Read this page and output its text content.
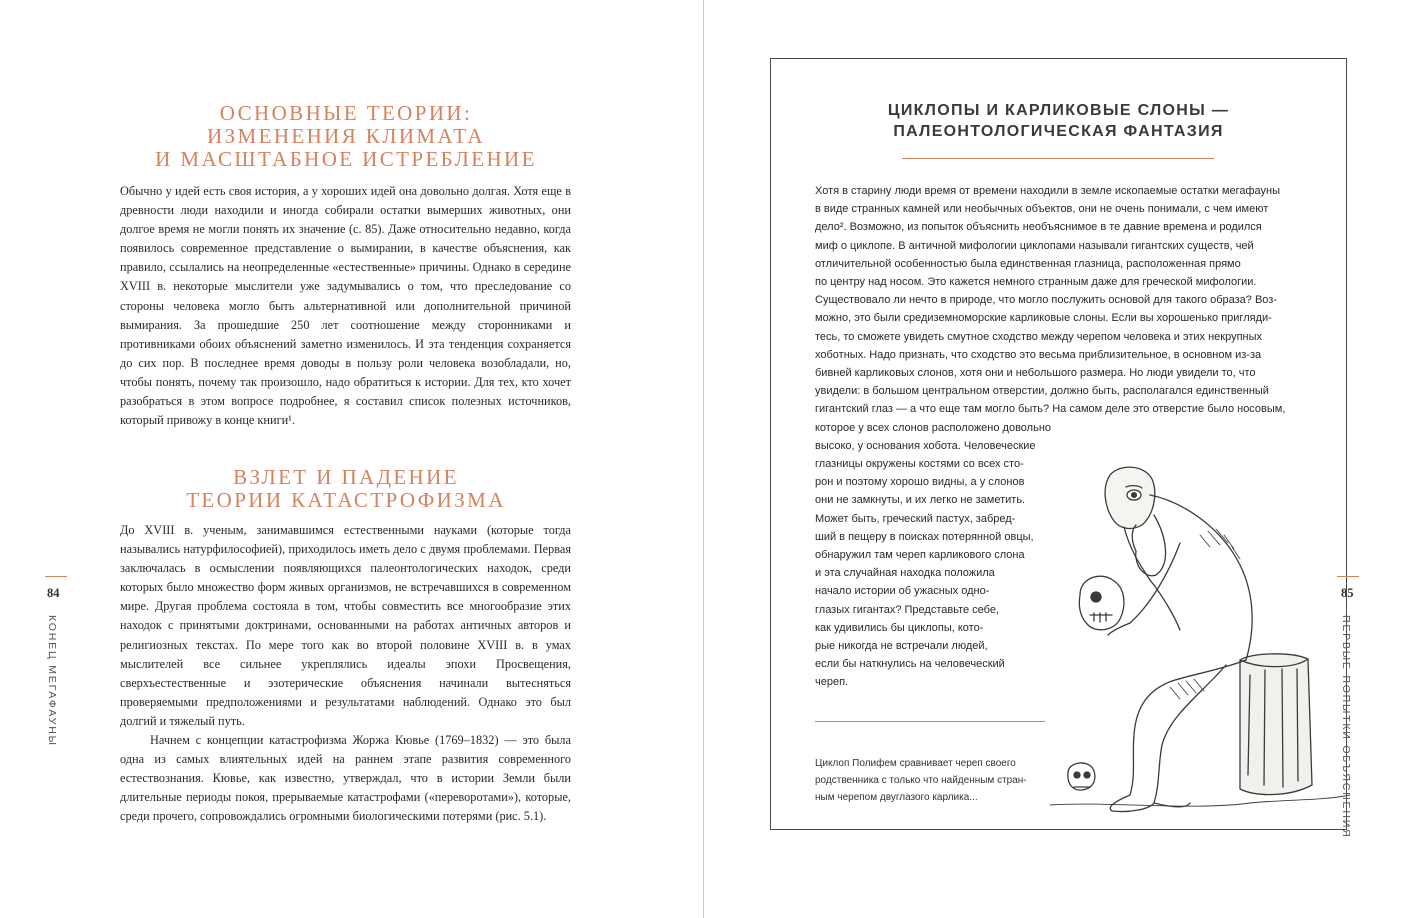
ОСНОВНЫЕ ТЕОРИИ:
ИЗМЕНЕНИЯ КЛИМАТА
И МАСШТАБНОЕ ИСТРЕБЛЕНИЕ

Обычно у идей есть своя история, а у хороших идей она довольно долгая. Хотя еще в древности люди находили и иногда собирали остатки вымерших животных, они долгое время не могли понять их значение (с. 85). Даже относительно недавно, когда появилось современное представление о вымирании, в качестве объяснения, как правило, ссылались на неопределенные «естественные» причины. Однако в середине XVIII в. некоторые мыслители уже задумывались о том, что преследование со стороны человека могло быть альтернативной или дополнительной причиной вымирания. За прошедшие 250 лет соотношение между сторонниками и противниками обоих объяснений заметно изменилось. И эта тенденция сохраняется до сих пор. В последнее время доводы в пользу роли человека возобладали, но, чтобы понять, почему так произошло, надо обратиться к истории. Для тех, кто хочет разобраться в этом вопросе подробнее, я составил список полезных источников, который привожу в конце книги¹.

ВЗЛЕТ И ПАДЕНИЕ
ТЕОРИИ КАТАСТРОФИЗМА

До XVIII в. ученым, занимавшимся естественными науками (которые тогда назывались натурфилософией), приходилось иметь дело с двумя проблемами. Первая заключалась в осмыслении появляющихся палеонтологических находок, среди которых было множество форм живых организмов, не встречавшихся в современном мире. Другая проблема состояла в том, чтобы совместить все многообразие этих находок с принятыми доктринами, основанными на работах античных авторов и религиозных текстах. По мере того как во второй половине XVIII в. в умах мыслителей все сильнее укреплялись идеалы эпохи Просвещения, сверхъестественные и эзотерические объяснения начинали вытесняться проверяемыми предположениями и результатами наблюдений. Однако это был долгий и тяжелый путь.

Начнем с концепции катастрофизма Жоржа Кювье (1769–1832) — это была одна из самых влиятельных идей на раннем этапе развития современного естествознания. Кювье, как известно, утверждал, что в истории Земли были длительные периоды покоя, прерываемые катастрофами («переворотами»), которые, среди прочего, сопровождались огромными биологическими потерями (рис. 5.1).

84
КОНЕЦ МЕГАФАУНЫ
ЦИКЛОПЫ И КАРЛИКОВЫЕ СЛОНЫ —
ПАЛЕОНТОЛОГИЧЕСКАЯ ФАНТАЗИЯ
Хотя в старину люди время от времени находили в земле ископаемые остатки мегафауны
в виде странных камней или необычных объектов, они не очень понимали, с чем имеют
дело². Возможно, из попыток объяснить необъяснимое в те давние времена и родился
миф о циклопе. В античной мифологии циклопами называли гигантских существ, чей
отличительной особенностью была единственная глазница, расположенная прямо
по центру над носом. Это кажется немного странным даже для греческой мифологии.
Существовало ли нечто в природе, что могло послужить основой для такого образа? Воз-
можно, это были средиземноморские карликовые слоны. Если вы хорошенько пригляди-
тесь, то сможете увидеть смутное сходство между черепом человека и этих некрупных
хоботных. Надо признать, что сходство это весьма приблизительное, в основном из-за
бивней карликовых слонов, хотя они и небольшого размера. Но люди увидели то, что
увидели: в большом центральном отверстии, должно быть, располагался единственный
гигантский глаз — а что еще там могло быть? На самом деле это отверстие было носовым,
которое у всех слонов расположено довольно
высоко, у основания хобота. Человеческие
глазницы окружены костями со всех сто-
рон и поэтому хорошо видны, а у слонов
они не замкнуты, и их легко не заметить.
Может быть, греческий пастух, забред-
ший в пещеру в поисках потерянной овцы,
обнаружил там череп карликового слона
и эта случайная находка положила
начало истории об ужасных одно-
глазых гигантах? Представьте себе,
как удивились бы циклопы, кото-
рые никогда не встречали людей,
если бы наткнулись на человеческий
череп.
Циклоп Полифем сравнивает череп своего
родственника с только что найденным стран-
ным черепом двуглазого карлика...
85
ПЕРВЫЕ ПОПЫТКИ ОБЪЯСНЕНИЯ
